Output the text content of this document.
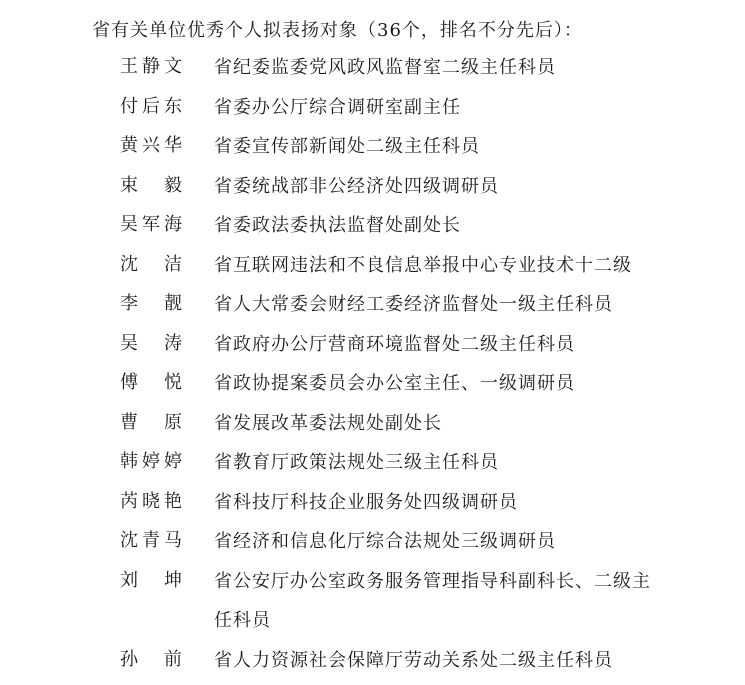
省有关单位优秀个人拟表扬对象（36个，排名不分先后）：
王静文 省纪委监委党风政风监督室二级主任科员
付后东 省委办公厅综合调研室副主任
黄兴华 省委宣传部新闻处二级主任科员
束　毅 省委统战部非公经济处四级调研员
吴军海 省委政法委执法监督处副处长
沈　洁 省互联网违法和不良信息举报中心专业技术十二级
李　靓 省人大常委会财经工委经济监督处一级主任科员
吴　涛 省政府办公厅营商环境监督处二级主任科员
傅　悦 省政协提案委员会办公室主任、一级调研员
曹　原 省发展改革委法规处副处长
韩婷婷 省教育厅政策法规处三级主任科员
芮晓艳 省科技厅科技企业服务处四级调研员
沈青马 省经济和信息化厅综合法规处三级调研员
刘　坤 省公安厅办公室政务服务管理指导科副科长、二级主任科员
孙　前 省人力资源社会保障厅劳动关系处二级主任科员
